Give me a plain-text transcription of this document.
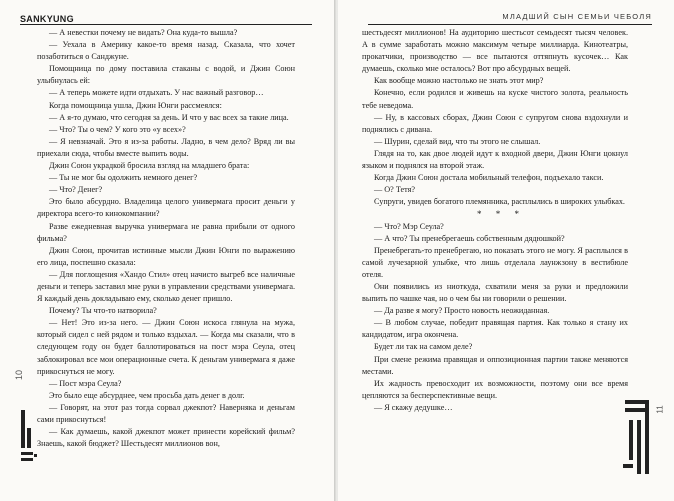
SANKYUNG

— А невестки почему не видать? Она куда-то вышла?

— Уехала в Америку какое-то время назад. Сказала, что хочет позаботиться о Санджуне.

Помощница по дому поставила стаканы с водой, и Джин Союн улыбнулась ей:

— А теперь можете идти отдыхать. У нас важный разговор…

Когда помощница ушла, Джин Юнги рассмеялся:

— А я-то думаю, что сегодня за день. И что у вас всех за такие лица.

— Что? Ты о чем? У кого это «у всех»?

— Я невзначай. Это я из-за работы. Ладно, в чем дело? Вряд ли вы приехали сюда, чтобы вместе выпить воды.

Джин Союн украдкой бросила взгляд на младшего брата:

— Ты не мог бы одолжить немного денег?

— Что? Денег?

Это было абсурдно. Владелица целого универмага просит деньги у директора всего-то кинокомпании?

Разве ежедневная выручка универмага не равна прибыли от одного фильма?

Джин Союн, прочитав истинные мысли Джин Юнги по выражению его лица, поспешно сказала:

— Для поглощения «Хандо Стил» отец начисто выгреб все наличные деньги и теперь заставил мне руки в управлении средствами универмага. Я каждый день докладываю ему, сколько денег пришло.

Почему? Ты что-то натворила?

— Нет! Это из-за него. — Джин Союн искоса глянула на мужа, который сидел с ней рядом и только вздыхал. — Когда мы сказали, что в следующем году он будет баллотироваться на пост мэра Сеула, отец заблокировал все мои операционные счета. К деньгам универмага я даже прикоснуться не могу.

— Пост мэра Сеула?

Это было еще абсурднее, чем просьба дать денег в долг.

— Говорят, на этот раз тогда сорвал джекпот? Наверняка и деньгам сами прикоснуться!

— Как думаешь, какой джекпот может принести корейский фильм? Знаешь, какой бюджет? Шестьдесят миллионов вон,

10
МЛАДШИЙ СЫН СЕМЬИ ЧЕБОЛЯ

шестьдесят миллионов! На аудиторию шестьсот семьдесят тысяч человек. А в сумме заработать можно максимум четыре миллиарда. Кинотеатры, прокатчики, производство — все пытаются оттяпнуть кусочек… Как думаешь, сколько мне осталось? Вот про абсурдных вещей.

Как вообще можно настолько не знать этот мир?

Конечно, если родился и живешь на куске чистого золота, реальность тебе неведома.

— Ну, в кассовых сборах, Джин Союн с супругом снова вздохнули и поднялись с дивана.

— Шурин, сделай вид, что ты этого не слышал.

Глядя на то, как двое людей идут к входной двери, Джин Юнги цокнул языком и поднялся на второй этаж.

Когда Джин Союн достала мобильный телефон, подъехало такси.

— О? Тетя?

Супруги, увидев богатого племянника, расплылись в широких улыбках.

* * *

— Что? Мэр Сеула?

— А что? Ты пренебрегаешь собственным дядюшкой?

Пренебрегать-то пренебрегаю, но показать этого не могу. Я расплылся в самой лучезарной улыбке, что лишь отделала лаунжзону в вестибюле отеля.

Они появились из ниоткуда, схватили меня за руки и предложили выпить по чашке чая, но о чем бы ни говорили о решении.

— Да разве я могу? Просто новость неожиданная.

— В любом случае, победит правящая партия. Как только я стану их кандидатом, игра окончена.

Будет ли так на самом деле?

При смене режима правящая и оппозиционная партии также меняются местами.

Их жадность превосходит их возможности, поэтому они все время цепляются за бесперспективные вещи.

— Я скажу дедушке…	11
